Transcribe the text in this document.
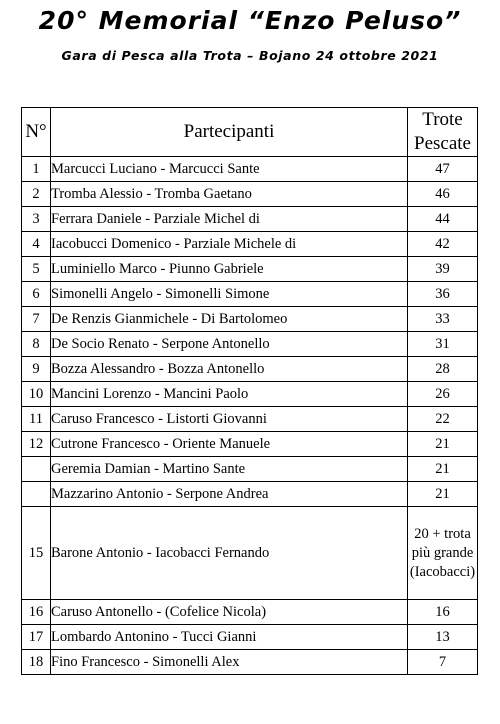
20° Memorial “Enzo Peluso”
Gara di Pesca alla Trota – Bojano 24 ottobre 2021
N°	Partecipanti	Trote
Pescate
1	Marcucci Luciano - Marcucci Sante	47
2	Tromba Alessio - Tromba Gaetano	46
3	Ferrara Daniele - Parziale Michel di	44
4	Iacobucci Domenico - Parziale Michele di	42
5	Luminiello Marco - Piunno Gabriele	39
6	Simonelli Angelo - Simonelli Simone	36
7	De Renzis Gianmichele - Di Bartolomeo	33
8	De Socio Renato - Serpone Antonello	31
9	Bozza Alessandro - Bozza Antonello	28
10	Mancini Lorenzo - Mancini Paolo	26
11	Caruso Francesco - Listorti Giovanni	22
12	Cutrone Francesco - Oriente Manuele	21
	Geremia Damian - Martino Sante	21
	Mazzarino Antonio - Serpone Andrea	21
15	Barone Antonio - Iacobacci Fernando	20 + trota
più grande
(Iacobacci)

16	Caruso Antonello - (Cofelice Nicola)	16
17	Lombardo Antonino - Tucci Gianni	13
18	Fino Francesco - Simonelli Alex	7
